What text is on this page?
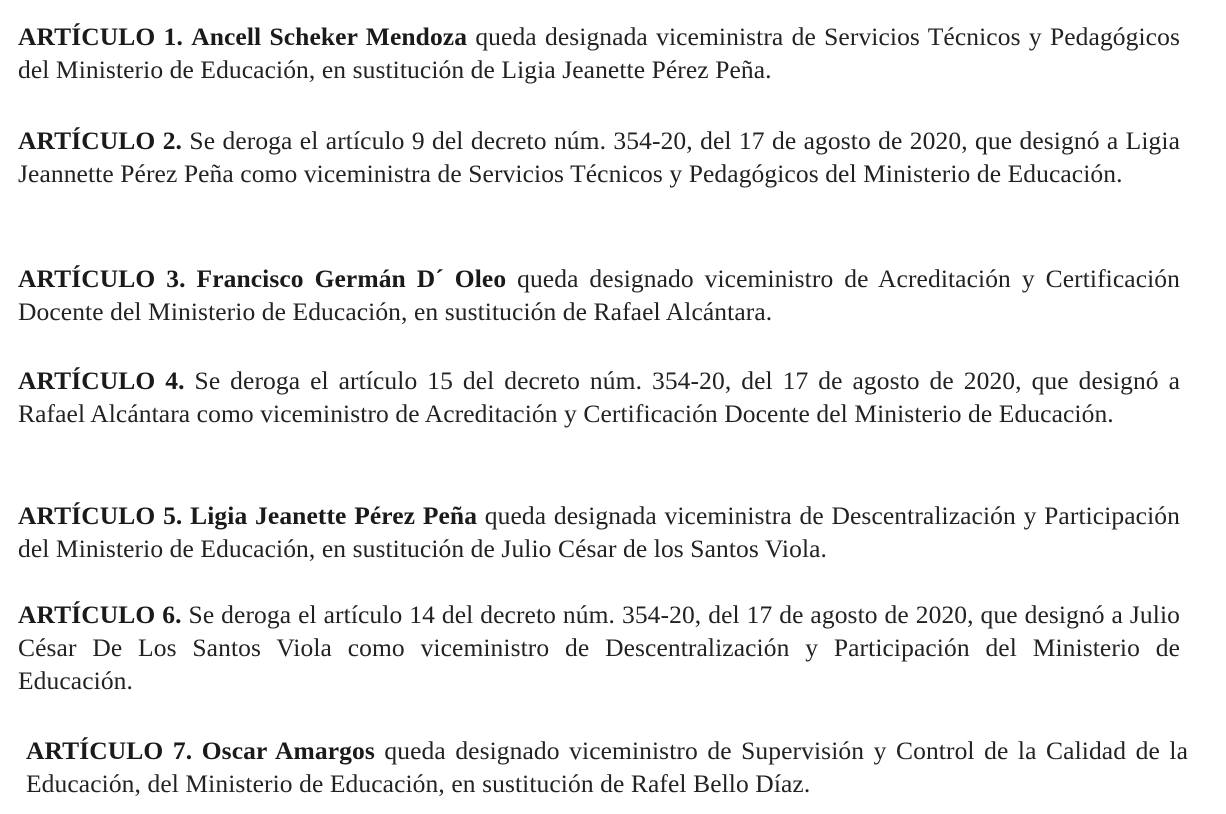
ARTÍCULO 1. Ancell Scheker Mendoza queda designada viceministra de Servicios Técnicos y Pedagógicos del Ministerio de Educación, en sustitución de Ligia Jeanette Pérez Peña.

ARTÍCULO 2. Se deroga el artículo 9 del decreto núm. 354-20, del 17 de agosto de 2020, que designó a Ligia Jeannette Pérez Peña como viceministra de Servicios Técnicos y Pedagógicos del Ministerio de Educación.

ARTÍCULO 3. Francisco Germán D´ Oleo queda designado viceministro de Acreditación y Certificación Docente del Ministerio de Educación, en sustitución de Rafael Alcántara.

ARTÍCULO 4. Se deroga el artículo 15 del decreto núm. 354-20, del 17 de agosto de 2020, que designó a Rafael Alcántara como viceministro de Acreditación y Certificación Docente del Ministerio de Educación.

ARTÍCULO 5. Ligia Jeanette Pérez Peña queda designada viceministra de Descentralización y Participación del Ministerio de Educación, en sustitución de Julio César de los Santos Viola.

ARTÍCULO 6. Se deroga el artículo 14 del decreto núm. 354-20, del 17 de agosto de 2020, que designó a Julio César De Los Santos Viola como viceministro de Descentralización y Participación del Ministerio de Educación.

ARTÍCULO 7. Oscar Amargos queda designado viceministro de Supervisión y Control de la Calidad de la Educación, del Ministerio de Educación, en sustitución de Rafel Bello Díaz.
